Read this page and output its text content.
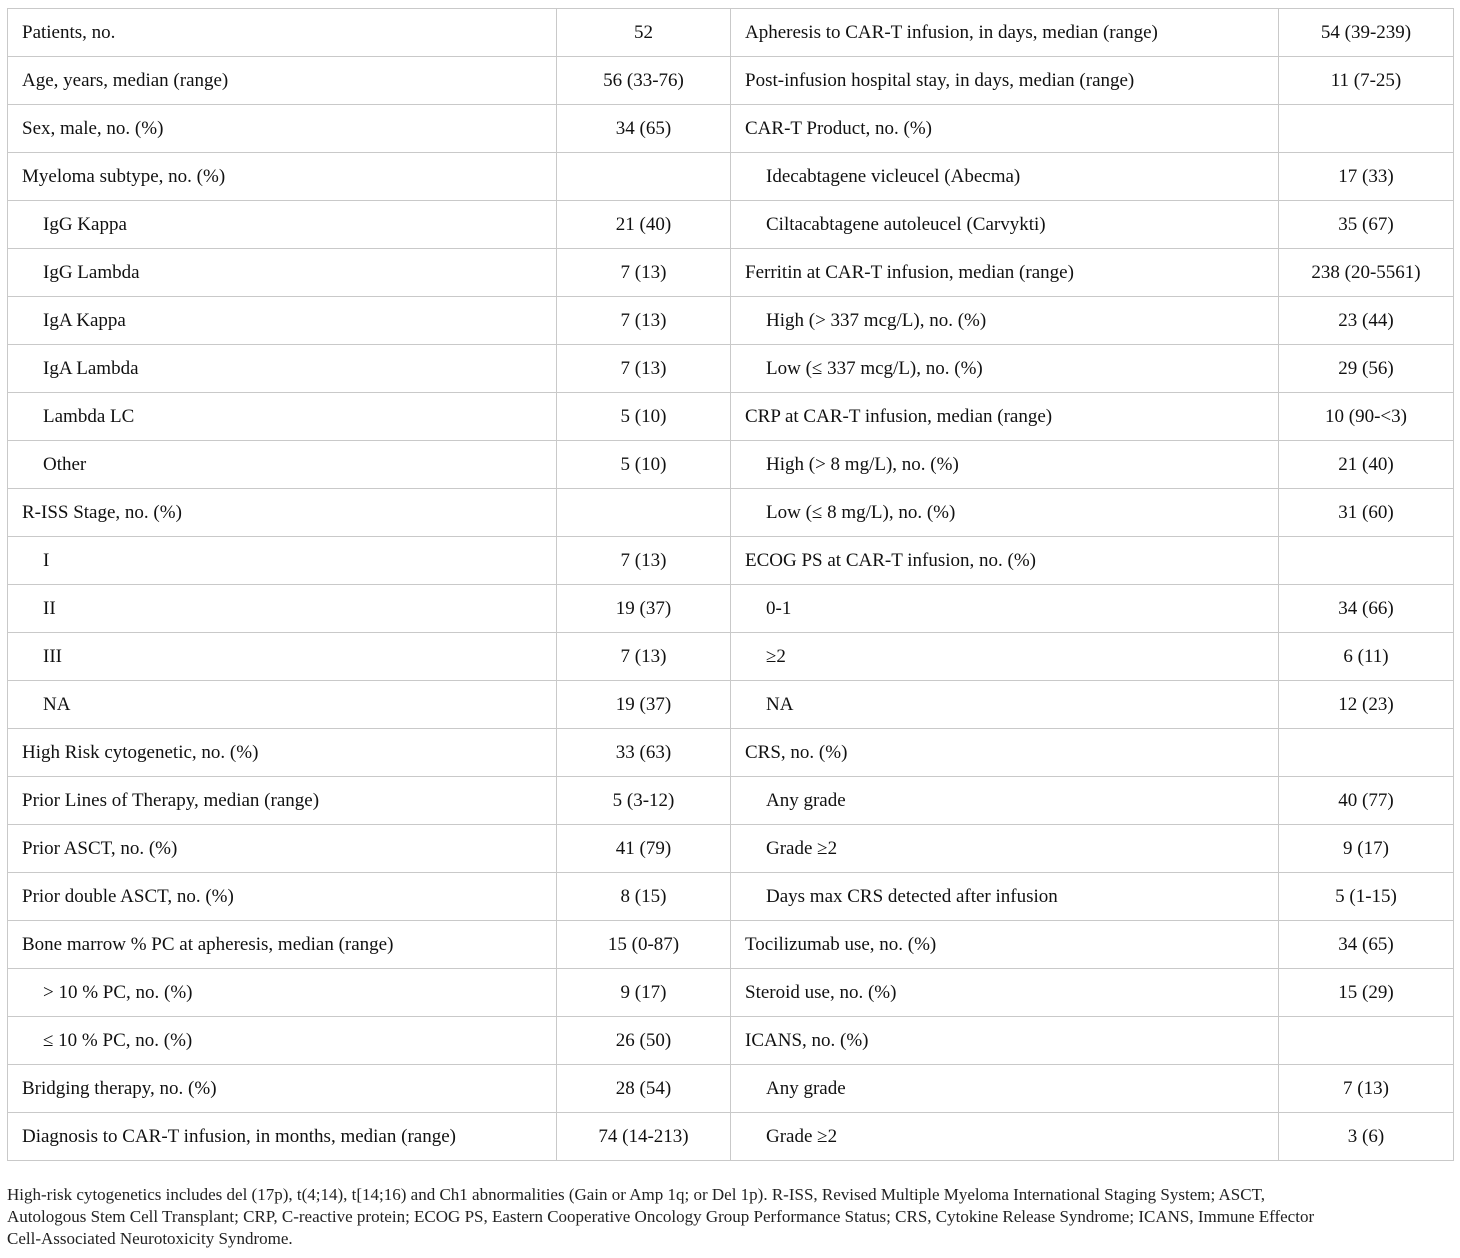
Patients, no.	52	Apheresis to CAR-T infusion, in days, median (range)	54 (39-239)
Age, years, median (range)	56 (33-76)	Post-infusion hospital stay, in days, median (range)	11 (7-25)
Sex, male, no. (%)	34 (65)	CAR-T Product, no. (%)	
Myeloma subtype, no. (%)		Idecabtagene vicleucel (Abecma)	17 (33)
IgG Kappa	21 (40)	Ciltacabtagene autoleucel (Carvykti)	35 (67)
IgG Lambda	7 (13)	Ferritin at CAR-T infusion, median (range)	238 (20-5561)
IgA Kappa	7 (13)	High (> 337 mcg/L), no. (%)	23 (44)
IgA Lambda	7 (13)	Low (≤ 337 mcg/L), no. (%)	29 (56)
Lambda LC	5 (10)	CRP at CAR-T infusion, median (range)	10 (90-<3)
Other	5 (10)	High (> 8 mg/L), no. (%)	21 (40)
R-ISS Stage, no. (%)		Low (≤ 8 mg/L), no. (%)	31 (60)
I	7 (13)	ECOG PS at CAR-T infusion, no. (%)	
II	19 (37)	0-1	34 (66)
III	7 (13)	≥2	6 (11)
NA	19 (37)	NA	12 (23)
High Risk cytogenetic, no. (%)	33 (63)	CRS, no. (%)	
Prior Lines of Therapy, median (range)	5 (3-12)	Any grade	40 (77)
Prior ASCT, no. (%)	41 (79)	Grade ≥2	9 (17)
Prior double ASCT, no. (%)	8 (15)	Days max CRS detected after infusion	5 (1-15)
Bone marrow % PC at apheresis, median (range)	15 (0-87)	Tocilizumab use, no. (%)	34 (65)
> 10 % PC, no. (%)	9 (17)	Steroid use, no. (%)	15 (29)
≤ 10 % PC, no. (%)	26 (50)	ICANS, no. (%)	
Bridging therapy, no. (%)	28 (54)	Any grade	7 (13)
Diagnosis to CAR-T infusion, in months, median (range)	74 (14-213)	Grade ≥2	3 (6)
High-risk cytogenetics includes del (17p), t(4;14), t[14;16) and Ch1 abnormalities (Gain or Amp 1q; or Del 1p). R-ISS, Revised Multiple Myeloma International Staging System; ASCT,
Autologous Stem Cell Transplant; CRP, C-reactive protein; ECOG PS, Eastern Cooperative Oncology Group Performance Status; CRS, Cytokine Release Syndrome; ICANS, Immune Effector
Cell-Associated Neurotoxicity Syndrome.
